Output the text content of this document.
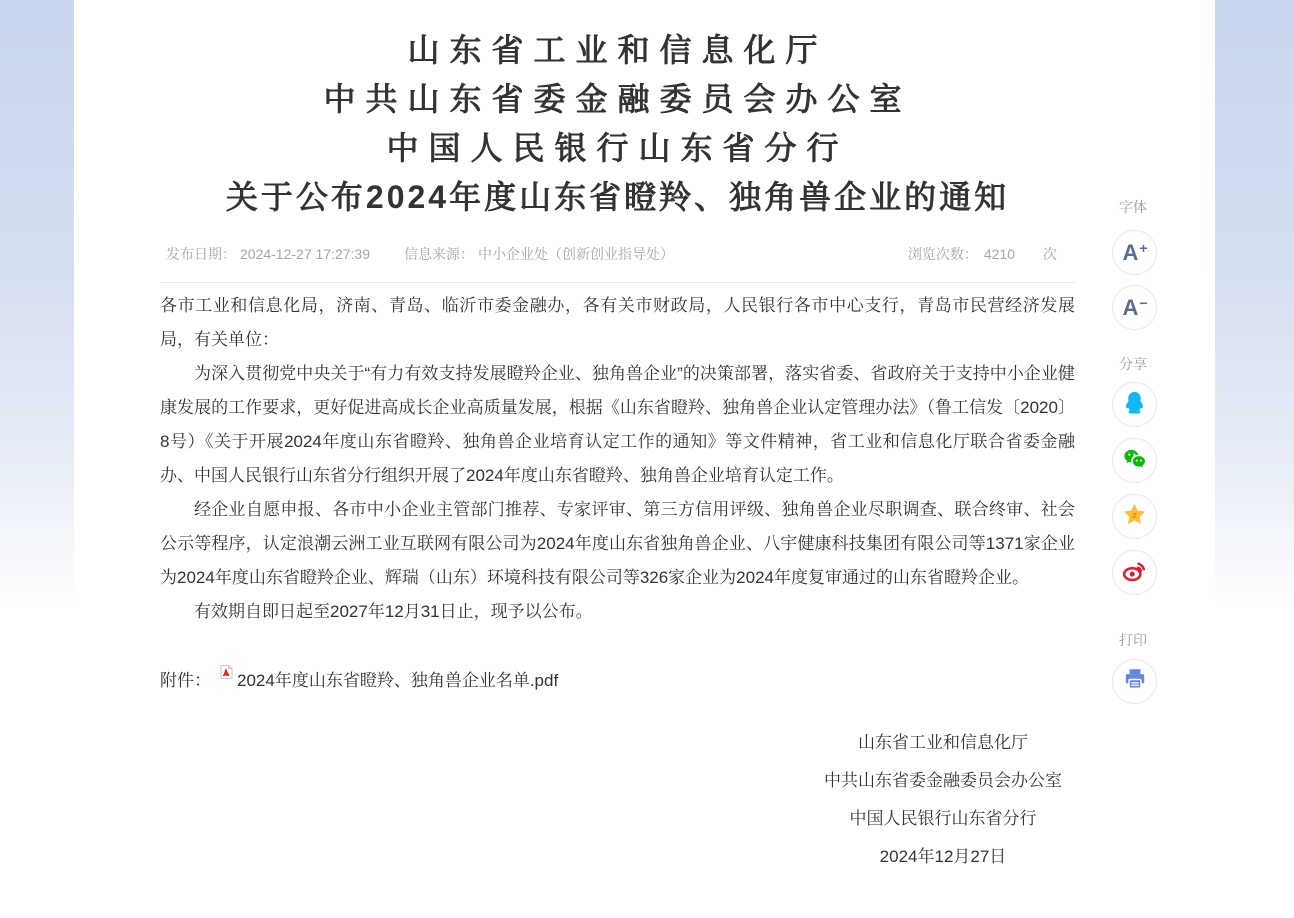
山东省工业和信息化厅
中共山东省委金融委员会办公室
中国人民银行山东省分行
关于公布2024年度山东省瞪羚、独角兽企业的通知
发布日期： 2024-12-27 17:27:39 信息来源： 中小企业处（创新创业指导处）	浏览次数： 4210 次

各市工业和信息化局，济南、青岛、临沂市委金融办，各有关市财政局，人民银行各市中心支行，青岛市民营经济发展局，有关单位：

为深入贯彻党中央关于“有力有效支持发展瞪羚企业、独角兽企业”的决策部署，落实省委、省政府关于支持中小企业健康发展的工作要求，更好促进高成长企业高质量发展，根据《山东省瞪羚、独角兽企业认定管理办法》（鲁工信发〔2020〕8号）《关于开展2024年度山东省瞪羚、独角兽企业培育认定工作的通知》等文件精神，省工业和信息化厅联合省委金融办、中国人民银行山东省分行组织开展了2024年度山东省瞪羚、独角兽企业培育认定工作。

经企业自愿申报、各市中小企业主管部门推荐、专家评审、第三方信用评级、独角兽企业尽职调查、联合终审、社会公示等程序，认定浪潮云洲工业互联网有限公司为2024年度山东省独角兽企业、八宇健康科技集团有限公司等1371家企业为2024年度山东省瞪羚企业、辉瑞（山东）环境科技有限公司等326家企业为2024年度复审通过的山东省瞪羚企业。

有效期自即日起至2027年12月31日止，现予以公布。

附件： 2024年度山东省瞪羚、独角兽企业名单.pdf
山东省工业和信息化厅
中共山东省委金融委员会办公室
中国人民银行山东省分行
2024年12月27日
字体
A+
A−
分享
z
打印
